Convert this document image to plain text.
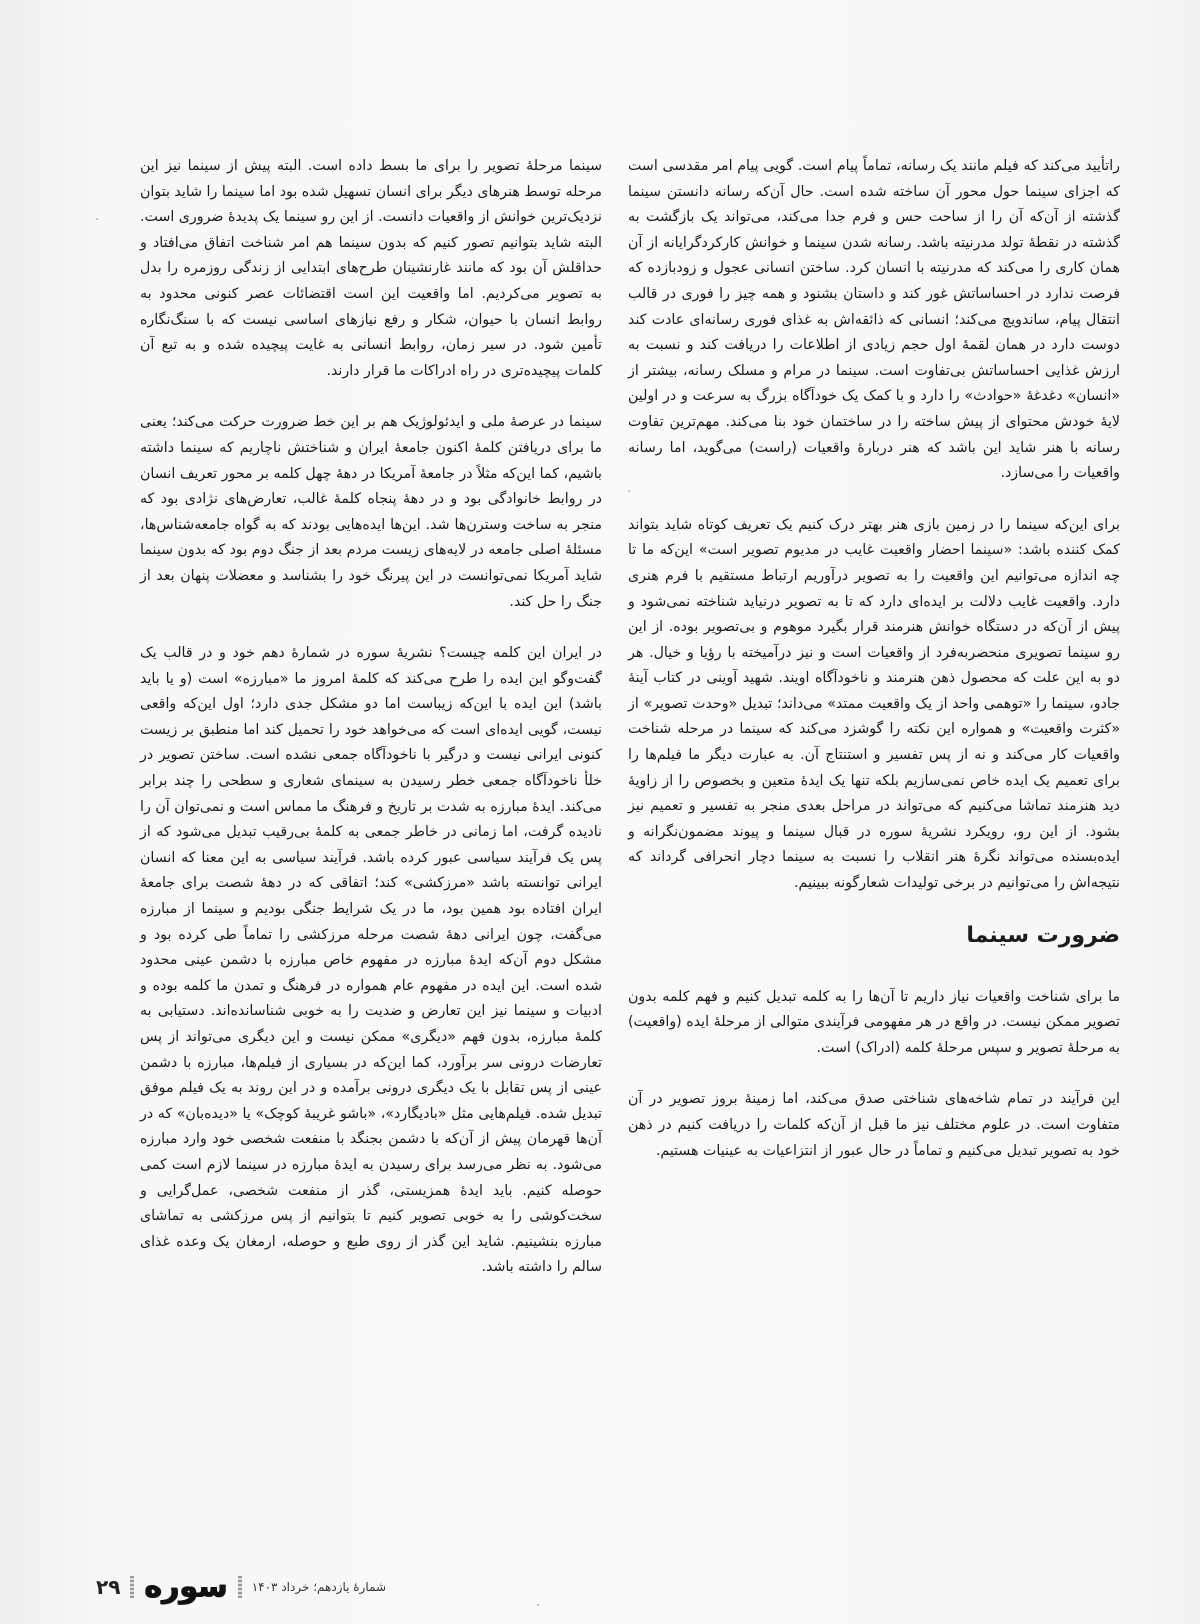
راتأیید می‌کند که فیلم مانند یک رسانه، تماماً پیام است. گویی پیام امر مقدسی است که اجزای سینما حول محور آن ساخته شده است. حال آن‌که رسانه دانستن سینما گذشته از آن‌که آن را از ساحت حس و فرم جدا می‌کند، می‌تواند یک بازگشت به گذشته در نقطهٔ تولد مدرنیته باشد. رسانه شدن سینما و خوانش کارکردگرایانه از آن همان کاری را می‌کند که مدرنیته با انسان کرد. ساختن انسانی عجول و زودبازده که فرصت ندارد در احساساتش غور کند و داستان بشنود و همه چیز را فوری در قالب انتقال پیام، ساندویچ می‌کند؛ انسانی که ذائقه‌اش به غذای فوری رسانه‌ای عادت کند دوست دارد در همان لقمهٔ اول حجم زیادی از اطلاعات را دریافت کند و نسبت به ارزش غذایی احساساتش بی‌تفاوت است. سینما در مرام و مسلک رسانه، بیشتر از «انسان» دغدغهٔ «حوادث» را دارد و با کمک یک خودآگاه بزرگ به سرعت و در اولین لایهٔ خودش محتوای از پیش ساخته را در ساختمان خود بنا می‌کند. مهم‌ترین تفاوت رسانه با هنر شاید این باشد که هنر دربارهٔ واقعیات (راست) می‌گوید، اما رسانه واقعیات را می‌سازد.

برای این‌که سینما را در زمین بازی هنر بهتر درک کنیم یک تعریف کوتاه شاید بتواند کمک کننده باشد: «سینما احضار واقعیت غایب در مدیوم تصویر است» این‌که ما تا چه اندازه می‌توانیم این واقعیت را به تصویر درآوریم ارتباط مستقیم با فرم هنری دارد. واقعیت غایب دلالت بر ایده‌ای دارد که تا به تصویر درنیاید شناخته نمی‌شود و پیش از آن‌که در دستگاه خوانش هنرمند قرار بگیرد موهوم و بی‌تصویر بوده. از این رو سینما تصویری منحصربه‌فرد از واقعیات است و نیز درآمیخته با رؤیا و خیال. هر دو به این علت که محصول ذهن هنرمند و ناخودآگاه اویند. شهید آوینی در کتاب آینهٔ جادو، سینما را «توهمی واحد از یک واقعیت ممتد» می‌داند؛ تبدیل «وحدت تصویر» از «کثرت واقعیت» و همواره این نکته را گوشزد می‌کند که سینما در مرحله شناخت واقعیات کار می‌کند و نه از پس تفسیر و استنتاج آن. به عبارت دیگر ما فیلم‌ها را برای تعمیم یک ایده خاص نمی‌سازیم بلکه تنها یک ایدهٔ متعین و بخصوص را از زاویهٔ دید هنرمند تماشا می‌کنیم که می‌تواند در مراحل بعدی منجر به تفسیر و تعمیم نیز بشود. از این رو، رویکرد نشریهٔ سوره در قبال سینما و پیوند مضمون‌نگرانه و ایده‌بسنده می‌تواند نگرهٔ هنر انقلاب را نسبت به سینما دچار انحرافی گرداند که نتیجه‌اش را می‌توانیم در برخی تولیدات شعارگونه ببینیم.

ضرورت سینما

ما برای شناخت واقعیات نیاز داریم تا آن‌ها را به کلمه تبدیل کنیم و فهم کلمه بدون تصویر ممکن نیست. در واقع در هر مفهومی فرآیندی متوالی از مرحلهٔ ایده (واقعیت) به مرحلهٔ تصویر و سپس مرحلهٔ کلمه (ادراک) است.

این فرآیند در تمام شاخه‌های شناختی صدق می‌کند، اما زمینهٔ بروز تصویر در آن متفاوت است. در علوم مختلف نیز ما قبل از آن‌که کلمات را دریافت کنیم در ذهن خود به تصویر تبدیل می‌کنیم و تماماً در حال عبور از انتزاعیات به عینیات هستیم.

سینما مرحلهٔ تصویر را برای ما بسط داده است. البته پیش از سینما نیز این مرحله توسط هنرهای دیگر برای انسان تسهیل شده بود اما سینما را شاید بتوان نزدیک‌ترین خوانش از واقعیات دانست. از این رو سینما یک پدیدهٔ ضروری است. البته شاید بتوانیم تصور کنیم که بدون سینما هم امر شناخت اتفاق می‌افتاد و حداقلش آن بود که مانند غارنشینان طرح‌های ابتدایی از زندگی روزمره را بدل به تصویر می‌کردیم. اما واقعیت این است اقتضائات عصر کنونی محدود به روابط انسان با حیوان، شکار و رفع نیازهای اساسی نیست که با سنگ‌نگاره تأمین شود. در سیر زمان، روابط انسانی به غایت پیچیده شده و به تبع آن کلمات پیچیده‌تری در راه ادراکات ما قرار دارند.

سینما در عرصهٔ ملی و ایدئولوژیک هم بر این خط ضرورت حرکت می‌کند؛ یعنی ما برای دریافتن کلمهٔ اکنون جامعهٔ ایران و شناختش ناچاریم که سینما داشته باشیم، کما این‌که مثلاً در جامعهٔ آمریکا در دههٔ چهل کلمه بر محور تعریف انسان در روابط خانوادگی بود و در دههٔ پنجاه کلمهٔ غالب، تعارض‌های نژادی بود که منجر به ساخت وسترن‌ها شد. این‌ها ایده‌هایی بودند که به گواه جامعه‌شناس‌ها، مسئلهٔ اصلی جامعه در لایه‌های زیست مردم بعد از جنگ دوم بود که بدون سینما شاید آمریکا نمی‌توانست در این پیرنگ خود را بشناسد و معضلات پنهان بعد از جنگ را حل کند.

در ایران این کلمه چیست؟ نشریهٔ سوره در شمارهٔ دهم خود و در قالب یک گفت‌وگو این ایده را طرح می‌کند که کلمهٔ امروز ما «مبارزه» است (و یا باید باشد) این ایده با این‌که زیباست اما دو مشکل جدی دارد؛ اول این‌که واقعی نیست، گویی ایده‌ای است که می‌خواهد خود را تحمیل کند اما منطبق بر زیست کنونی ایرانی نیست و درگیر با ناخودآگاه جمعی نشده است. ساختن تصویر در خلأ ناخودآگاه جمعی خطر رسیدن به سینمای شعاری و سطحی را چند برابر می‌کند. ایدهٔ مبارزه به شدت بر تاریخ و فرهنگ ما مماس است و نمی‌توان آن را نادیده گرفت، اما زمانی در خاطر جمعی به کلمهٔ بی‌رقیب تبدیل می‌شود که از پس یک فرآیند سیاسی عبور کرده باشد. فرآیند سیاسی به این معنا که انسان ایرانی توانسته باشد «مرزکشی» کند؛ اتفاقی که در دههٔ شصت برای جامعهٔ ایران افتاده بود همین بود، ما در یک شرایط جنگی بودیم و سینما از مبارزه می‌گفت، چون ایرانی دههٔ شصت مرحله مرزکشی را تماماً طی کرده بود و مشکل دوم آن‌که ایدهٔ مبارزه در مفهوم خاص مبارزه با دشمن عینی محدود شده است. این ایده در مفهوم عام همواره در فرهنگ و تمدن ما کلمه بوده و ادبیات و سینما نیز این تعارض و ضدیت را به خوبی شناسانده‌اند. دستیابی به کلمهٔ مبارزه، بدون فهم «دیگری» ممکن نیست و این دیگری می‌تواند از پس تعارضات درونی سر برآورد، کما این‌که در بسیاری از فیلم‌ها، مبارزه با دشمن عینی از پس تقابل با یک دیگری درونی برآمده و در این روند به یک فیلم موفق تبدیل شده. فیلم‌هایی مثل «بادیگارد»، «باشو غریبهٔ کوچک» یا «دیده‌بان» که در آن‌ها قهرمان پیش از آن‌که با دشمن بجنگد با منفعت شخصی خود وارد مبارزه می‌شود. به نظر می‌رسد برای رسیدن به ایدهٔ مبارزه در سینما لازم است کمی حوصله کنیم. باید ایدهٔ همزیستی، گذر از منفعت شخصی، عمل‌گرایی و سخت‌کوشی را به خوبی تصویر کنیم تا بتوانیم از پس مرزکشی به تماشای مبارزه بنشینیم. شاید این گذر از روی طبع و حوصله، ارمغان یک وعده غذای سالم را داشته باشد.

۲۹ سوره شمارهٔ یازدهم؛ خرداد ۱۴۰۳
